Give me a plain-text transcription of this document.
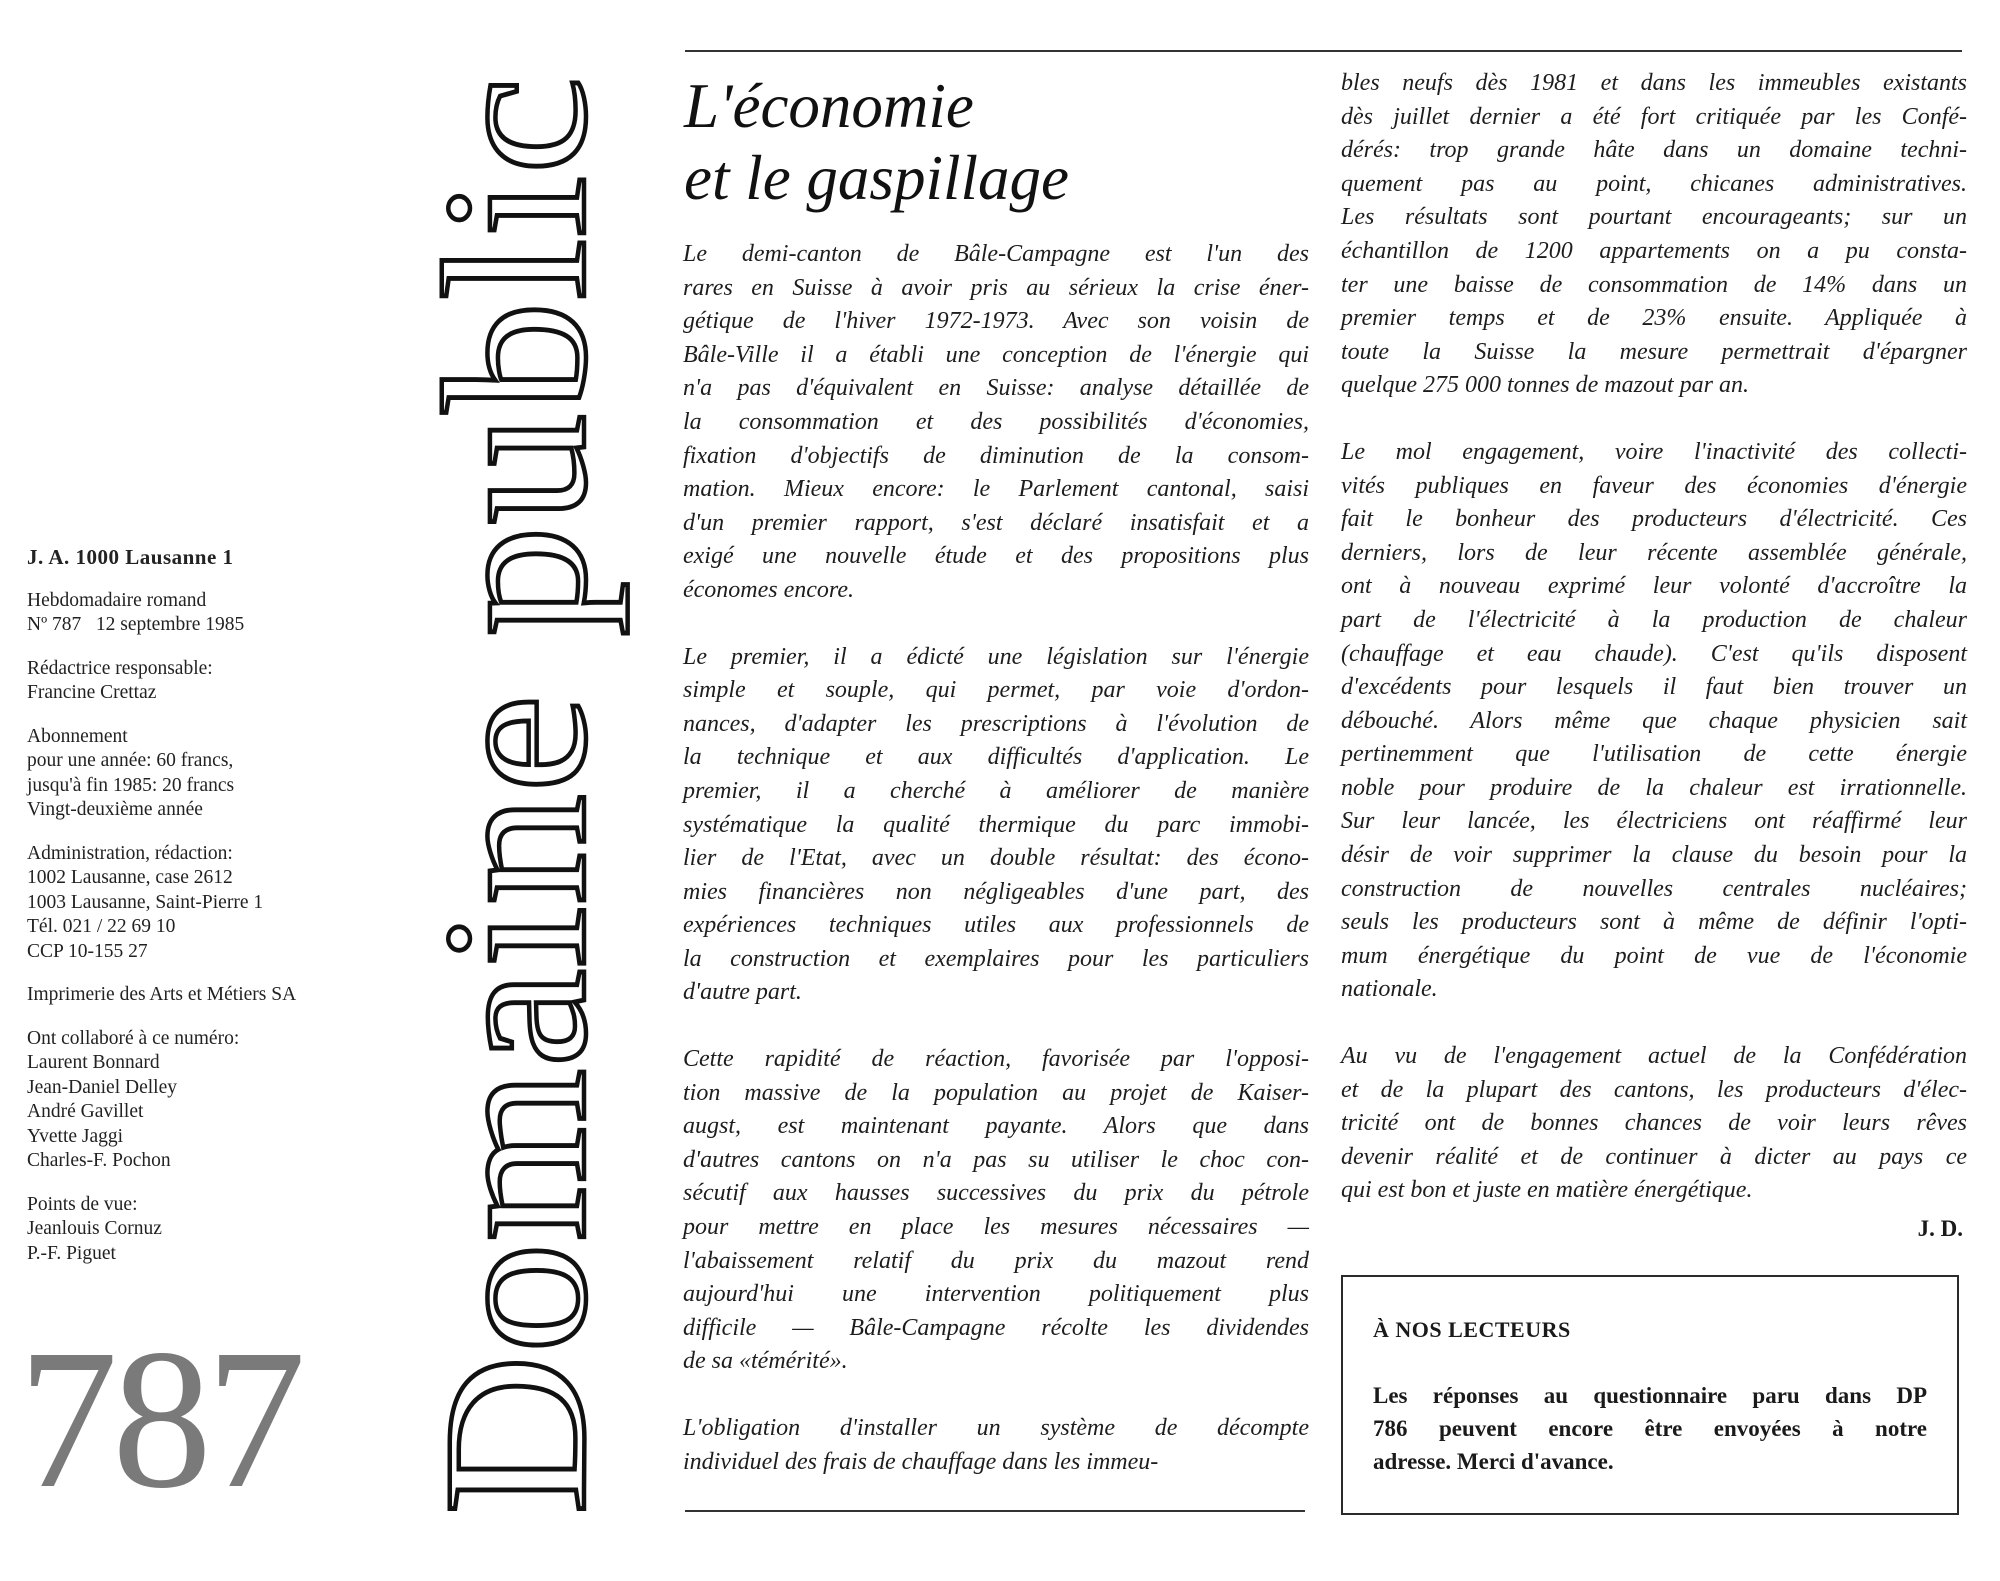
J. A. 1000 Lausanne 1

Hebdomadaire romand
Nº 787   12 septembre 1985

Rédactrice responsable:
Francine Crettaz

Abonnement
pour une année: 60 francs,
jusqu'à fin 1985: 20 francs
Vingt-deuxième année

Administration, rédaction:
1002 Lausanne, case 2612
1003 Lausanne, Saint-Pierre 1
Tél. 021 / 22 69 10
CCP 10-155 27

Imprimerie des Arts et Métiers SA

Ont collaboré à ce numéro:
Laurent Bonnard
Jean-Daniel Delley
André Gavillet
Yvette Jaggi
Charles-F. Pochon

Points de vue:
Jeanlouis Cornuz
P.-F. Piguet

787 Domaine public
L'économie
et le gaspillage

Le demi-canton de Bâle-Campagne est l'un des
rares en Suisse à avoir pris au sérieux la crise éner-
gétique de l'hiver 1972-1973. Avec son voisin de
Bâle-Ville il a établi une conception de l'énergie qui
n'a pas d'équivalent en Suisse: analyse détaillée de
la consommation et des possibilités d'économies,
fixation d'objectifs de diminution de la consom-
mation. Mieux encore: le Parlement cantonal, saisi
d'un premier rapport, s'est déclaré insatisfait et a
exigé une nouvelle étude et des propositions plus
économes encore.

Le premier, il a édicté une législation sur l'énergie
simple et souple, qui permet, par voie d'ordon-
nances, d'adapter les prescriptions à l'évolution de
la technique et aux difficultés d'application. Le
premier, il a cherché à améliorer de manière
systématique la qualité thermique du parc immobi-
lier de l'Etat, avec un double résultat: des écono-
mies financières non négligeables d'une part, des
expériences techniques utiles aux professionnels de
la construction et exemplaires pour les particuliers
d'autre part.

Cette rapidité de réaction, favorisée par l'opposi-
tion massive de la population au projet de Kaiser-
augst, est maintenant payante. Alors que dans
d'autres cantons on n'a pas su utiliser le choc con-
sécutif aux hausses successives du prix du pétrole
pour mettre en place les mesures nécessaires —
l'abaissement relatif du prix du mazout rend
aujourd'hui une intervention politiquement plus
difficile — Bâle-Campagne récolte les dividendes
de sa «témérité».

L'obligation d'installer un système de décompte
individuel des frais de chauffage dans les immeu-

bles neufs dès 1981 et dans les immeubles existants
dès juillet dernier a été fort critiquée par les Confé-
dérés: trop grande hâte dans un domaine techni-
quement pas au point, chicanes administratives.
Les résultats sont pourtant encourageants; sur un
échantillon de 1200 appartements on a pu consta-
ter une baisse de consommation de 14% dans un
premier temps et de 23% ensuite. Appliquée à
toute la Suisse la mesure permettrait d'épargner
quelque 275 000 tonnes de mazout par an.

Le mol engagement, voire l'inactivité des collecti-
vités publiques en faveur des économies d'énergie
fait le bonheur des producteurs d'électricité. Ces
derniers, lors de leur récente assemblée générale,
ont à nouveau exprimé leur volonté d'accroître la
part de l'électricité à la production de chaleur
(chauffage et eau chaude). C'est qu'ils disposent
d'excédents pour lesquels il faut bien trouver un
débouché. Alors même que chaque physicien sait
pertinemment que l'utilisation de cette énergie
noble pour produire de la chaleur est irrationnelle.
Sur leur lancée, les électriciens ont réaffirmé leur
désir de voir supprimer la clause du besoin pour la
construction de nouvelles centrales nucléaires;
seuls les producteurs sont à même de définir l'opti-
mum énergétique du point de vue de l'économie
nationale.

Au vu de l'engagement actuel de la Confédération
et de la plupart des cantons, les producteurs d'élec-
tricité ont de bonnes chances de voir leurs rêves
devenir réalité et de continuer à dicter au pays ce
qui est bon et juste en matière énergétique.

J. D.
À NOS LECTEURS
Les réponses au questionnaire paru dans DP
786 peuvent encore être envoyées à notre
adresse. Merci d'avance.
